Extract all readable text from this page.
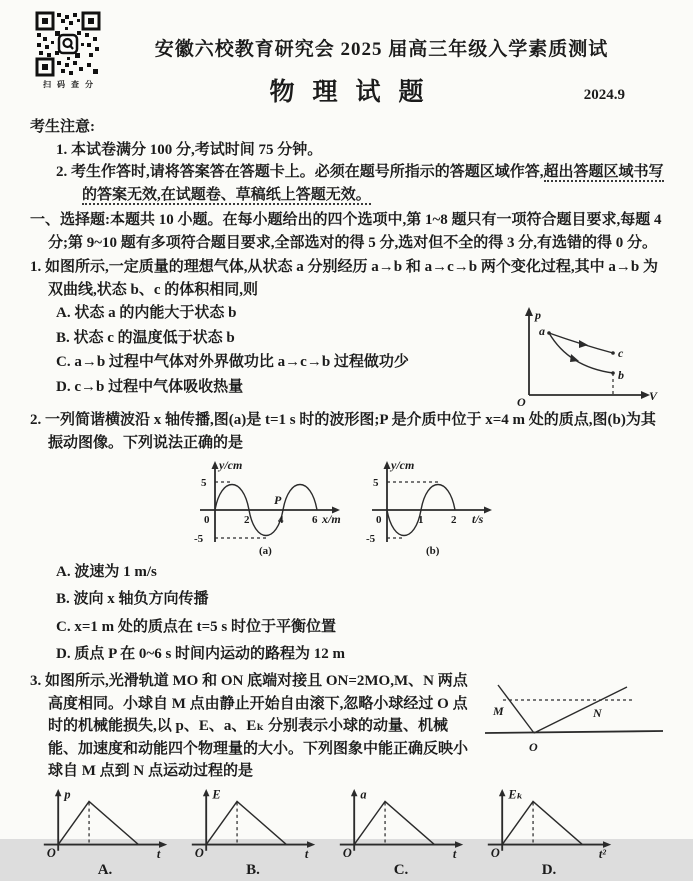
扫码查分
安徽六校教育研究会 2025 届高三年级入学素质测试
物理试题	2024.9
考生注意:
1. 本试卷满分 100 分,考试时间 75 分钟。
2. 考生作答时,请将答案答在答题卡上。必须在题号所指示的答题区域作答,超出答题区域书写的答案无效,在试题卷、草稿纸上答题无效。
一、选择题:本题共 10 小题。在每小题给出的四个选项中,第 1~8 题只有一项符合题目要求,每题 4 分;第 9~10 题有多项符合题目要求,全部选对的得 5 分,选对但不全的得 3 分,有选错的得 0 分。
1. 如图所示,一定质量的理想气体,从状态 a 分别经历 a→b 和 a→c→b 两个变化过程,其中 a→b 为双曲线,状态 b、c 的体积相同,则
A. 状态 a 的内能大于状态 b
B. 状态 c 的温度低于状态 b
C. a→b 过程中气体对外界做功比 a→c→b 过程做功少
D. c→b 过程中气体吸收热量
p
V
O
a
c
b
2. 一列简谐横波沿 x 轴传播,图(a)是 t=1 s 时的波形图;P 是介质中位于 x=4 m 处的质点,图(b)为其振动图像。下列说法正确的是
y/cm
5
-5
0	2	4	6
P
x/m
(a)
y/cm
5
-5
0	1	2 t/s
(b)
A. 波速为 1 m/s
B. 波向 x 轴负方向传播
C. x=1 m 处的质点在 t=5 s 时位于平衡位置
D. 质点 P 在 0~6 s 时间内运动的路程为 12 m
M	N
O
3. 如图所示,光滑轨道 MO 和 ON 底端对接且 ON=2MO,M、N 两点高度相同。小球自 M 点由静止开始自由滚下,忽略小球经过 O 点时的机械能损失,以 p、E、a、Eₖ 分别表示小球的动量、机械能、加速度和动能四个物理量的大小。下列图象中能正确反映小球自 M 点到 N 点运动过程的是
p
O	t
A.
E
O	t
B.
a
O	t
C.
Eₖ
O	t²
D.
